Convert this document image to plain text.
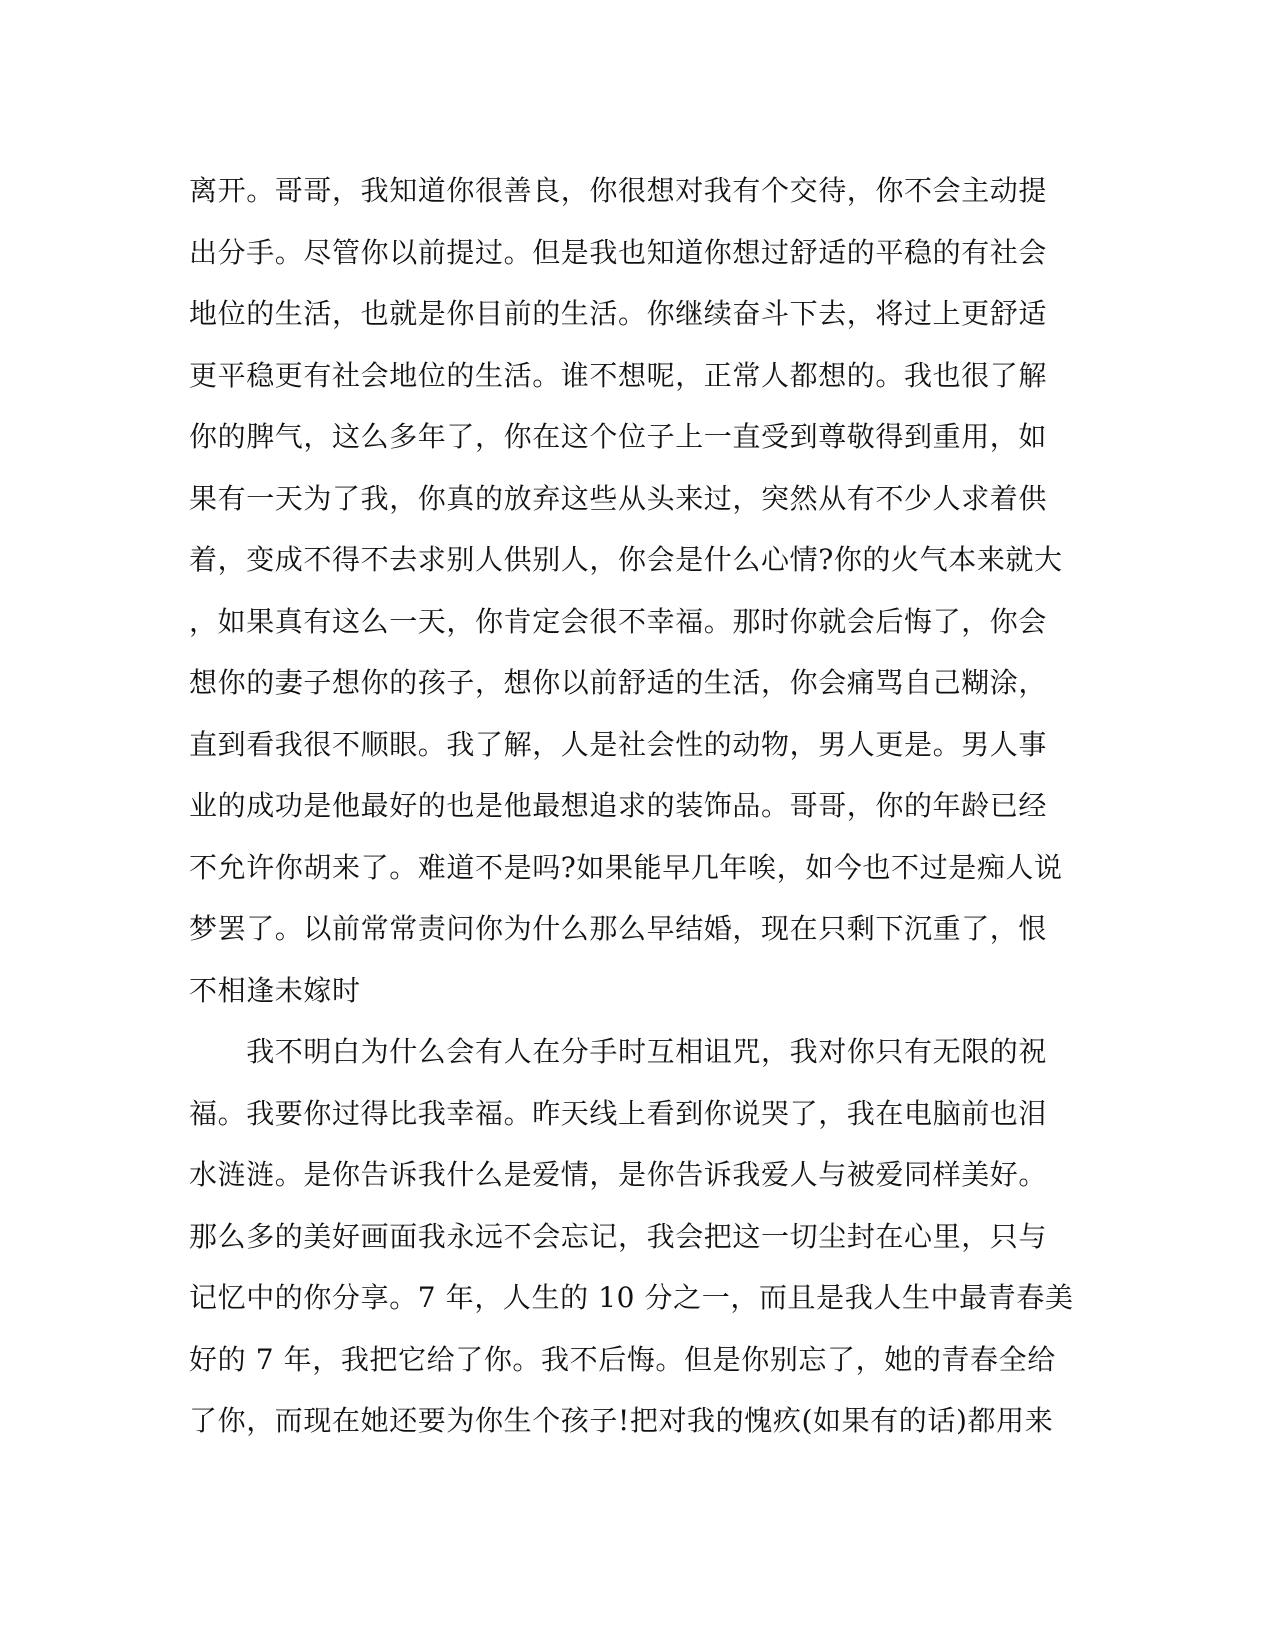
离开。哥哥，我知道你很善良，你很想对我有个交待，你不会主动提
出分手。尽管你以前提过。但是我也知道你想过舒适的平稳的有社会
地位的生活，也就是你目前的生活。你继续奋斗下去，将过上更舒适
更平稳更有社会地位的生活。谁不想呢，正常人都想的。我也很了解
你的脾气，这么多年了，你在这个位子上一直受到尊敬得到重用，如
果有一天为了我，你真的放弃这些从头来过，突然从有不少人求着供
着，变成不得不去求别人供别人，你会是什么心情?你的火气本来就大
，如果真有这么一天，你肯定会很不幸福。那时你就会后悔了，你会
想你的妻子想你的孩子，想你以前舒适的生活，你会痛骂自己糊涂，
直到看我很不顺眼。我了解，人是社会性的动物，男人更是。男人事
业的成功是他最好的也是他最想追求的装饰品。哥哥，你的年龄已经
不允许你胡来了。难道不是吗?如果能早几年唉，如今也不过是痴人说
梦罢了。以前常常责问你为什么那么早结婚，现在只剩下沉重了，恨
不相逢未嫁时
　　我不明白为什么会有人在分手时互相诅咒，我对你只有无限的祝
福。我要你过得比我幸福。昨天线上看到你说哭了，我在电脑前也泪
水涟涟。是你告诉我什么是爱情，是你告诉我爱人与被爱同样美好。
那么多的美好画面我永远不会忘记，我会把这一切尘封在心里，只与
记忆中的你分享。7 年，人生的 10 分之一，而且是我人生中最青春美
好的 7 年，我把它给了你。我不后悔。但是你别忘了，她的青春全给
了你，而现在她还要为你生个孩子!把对我的愧疚(如果有的话)都用来
